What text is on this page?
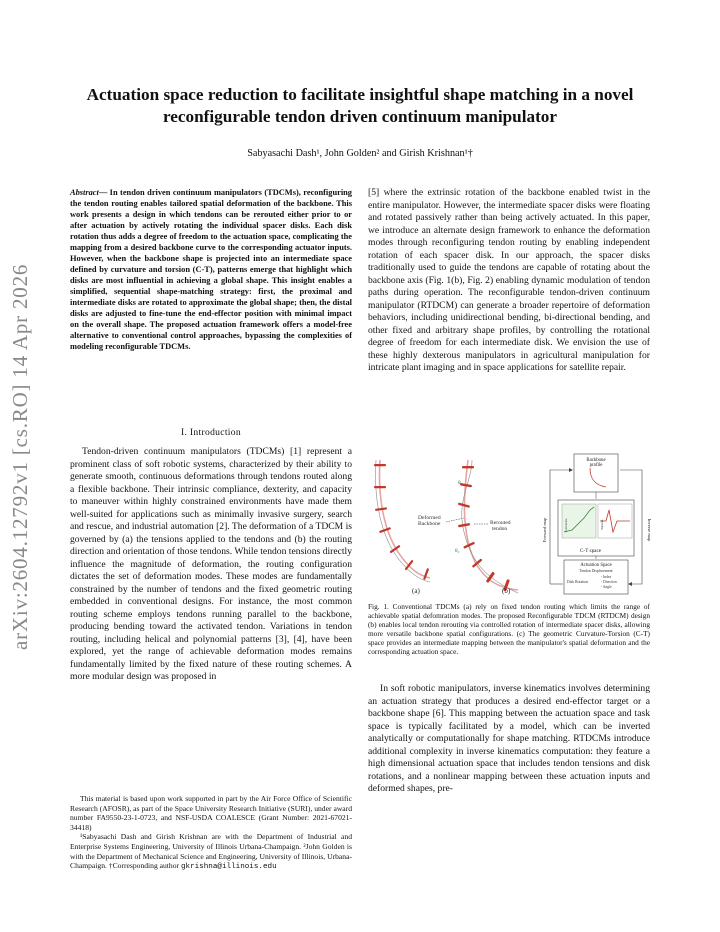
arXiv:2604.12792v1 [cs.RO] 14 Apr 2026
Actuation space reduction to facilitate insightful shape matching in a novel reconfigurable tendon driven continuum manipulator
Sabyasachi Dash¹, John Golden² and Girish Krishnan¹†
Abstract— In tendon driven continuum manipulators (TDCMs), reconfiguring the tendon routing enables tailored spatial deformation of the backbone. This work presents a design in which tendons can be rerouted either prior to or after actuation by actively rotating the individual spacer disks. Each disk rotation thus adds a degree of freedom to the actuation space, complicating the mapping from a desired backbone curve to the corresponding actuator inputs. However, when the backbone shape is projected into an intermediate space defined by curvature and torsion (C-T), patterns emerge that highlight which disks are most influential in achieving a global shape. This insight enables a simplified, sequential shape-matching strategy: first, the proximal and intermediate disks are rotated to approximate the global shape; then, the distal disks are adjusted to fine-tune the end-effector position with minimal impact on the overall shape. The proposed actuation framework offers a model-free alternative to conventional control approaches, bypassing the complexities of modeling reconfigurable TDCMs.
I. Introduction

Tendon-driven continuum manipulators (TDCMs) [1] represent a prominent class of soft robotic systems, characterized by their ability to generate smooth, continuous deformations through tendons routed along a flexible backbone. Their intrinsic compliance, dexterity, and capacity to maneuver within highly constrained environments have made them well-suited for applications such as minimally invasive surgery, search and rescue, and industrial automation [2]. The deformation of a TDCM is governed by (a) the tensions applied to the tendons and (b) the routing direction and orientation of those tendons. While tendon tensions directly influence the magnitude of deformation, the routing configuration dictates the set of deformation modes. These modes are fundamentally constrained by the number of tendons and the fixed geometric routing embedded in conventional designs. For instance, the most common routing scheme employs tendons running parallel to the backbone, producing bending toward the activated tendon. Variations in tendon routing, including helical and polynomial patterns [3], [4], have been explored, yet the range of achievable deformation modes remains fundamentally limited by the fixed nature of these routing schemes. A more modular design was proposed in

This material is based upon work supported in part by the Air Force Office of Scientific Research (AFOSR), as part of the Space University Research Initiative (SURI), under award number FA9550-23-1-0723, and NSF-USDA COALESCE (Grant Number: 2021-67021-34418)

¹Sabyasachi Dash and Girish Krishnan are with the Department of Industrial and Enterprise Systems Engineering, University of Illinois Urbana-Champaign. ²John Golden is with the Department of Mechanical Science and Engineering, University of Illinois, Urbana-Champaign. †Corresponding author gkrishna@illinois.edu

[5] where the extrinsic rotation of the backbone enabled twist in the entire manipulator. However, the intermediate spacer disks were floating and rotated passively rather than being actively actuated. In this paper, we introduce an alternate design framework to enhance the deformation modes through reconfiguring tendon routing by enabling independent rotation of each spacer disk. In our approach, the spacer disks traditionally used to guide the tendons are capable of rotating about the backbone axis (Fig. 1(b), Fig. 2) enabling dynamic modulation of tendon paths during operation. The reconfigurable tendon-driven continuum manipulator (RTDCM) can generate a broader repertoire of deformation behaviors, including unidirectional bending, bi-directional bending, and other fixed and arbitrary shape profiles, by controlling the rotational degree of freedom for each intermediate disk. We envision the use of these highly dexterous manipulators in agricultural manipulation for intricate plant imaging and in space applications for satellite repair.

Deformed
Backbone
θ₁
θ₂
Rerouted
tendon
Backbone
profile
Curvature	Torsion
C-T space
Actuation Space
Tendon Displacement
Disk Rotation
- Index
- Direction
- Angle
Forward map	Inverse map
(a)	(b)
Fig. 1. Conventional TDCMs (a) rely on fixed tendon routing which limits the range of achievable spatial defomration modes. The proposed Reconfigurable TDCM (RTDCM) design (b) enables local tendon rerouting via controlled rotation of intermediate spacer disks, allowing more versatile backbone spatial configurations. (c) The geometric Curvature-Torsion (C-T) space provides an intermediate mapping between the manipulator's spatial deformation and the corresponding actuation space.

In soft robotic manipulators, inverse kinematics involves determining an actuation strategy that produces a desired end-effector target or a backbone shape [6]. This mapping between the actuation space and task space is typically facilitated by a model, which can be inverted analytically or computationally for shape matching. RTDCMs introduce additional complexity in inverse kinematics computation: they feature a high dimensional actuation space that includes tendon tensions and disk rotations, and a nonlinear mapping between these actuation inputs and deformed shapes, pre-
